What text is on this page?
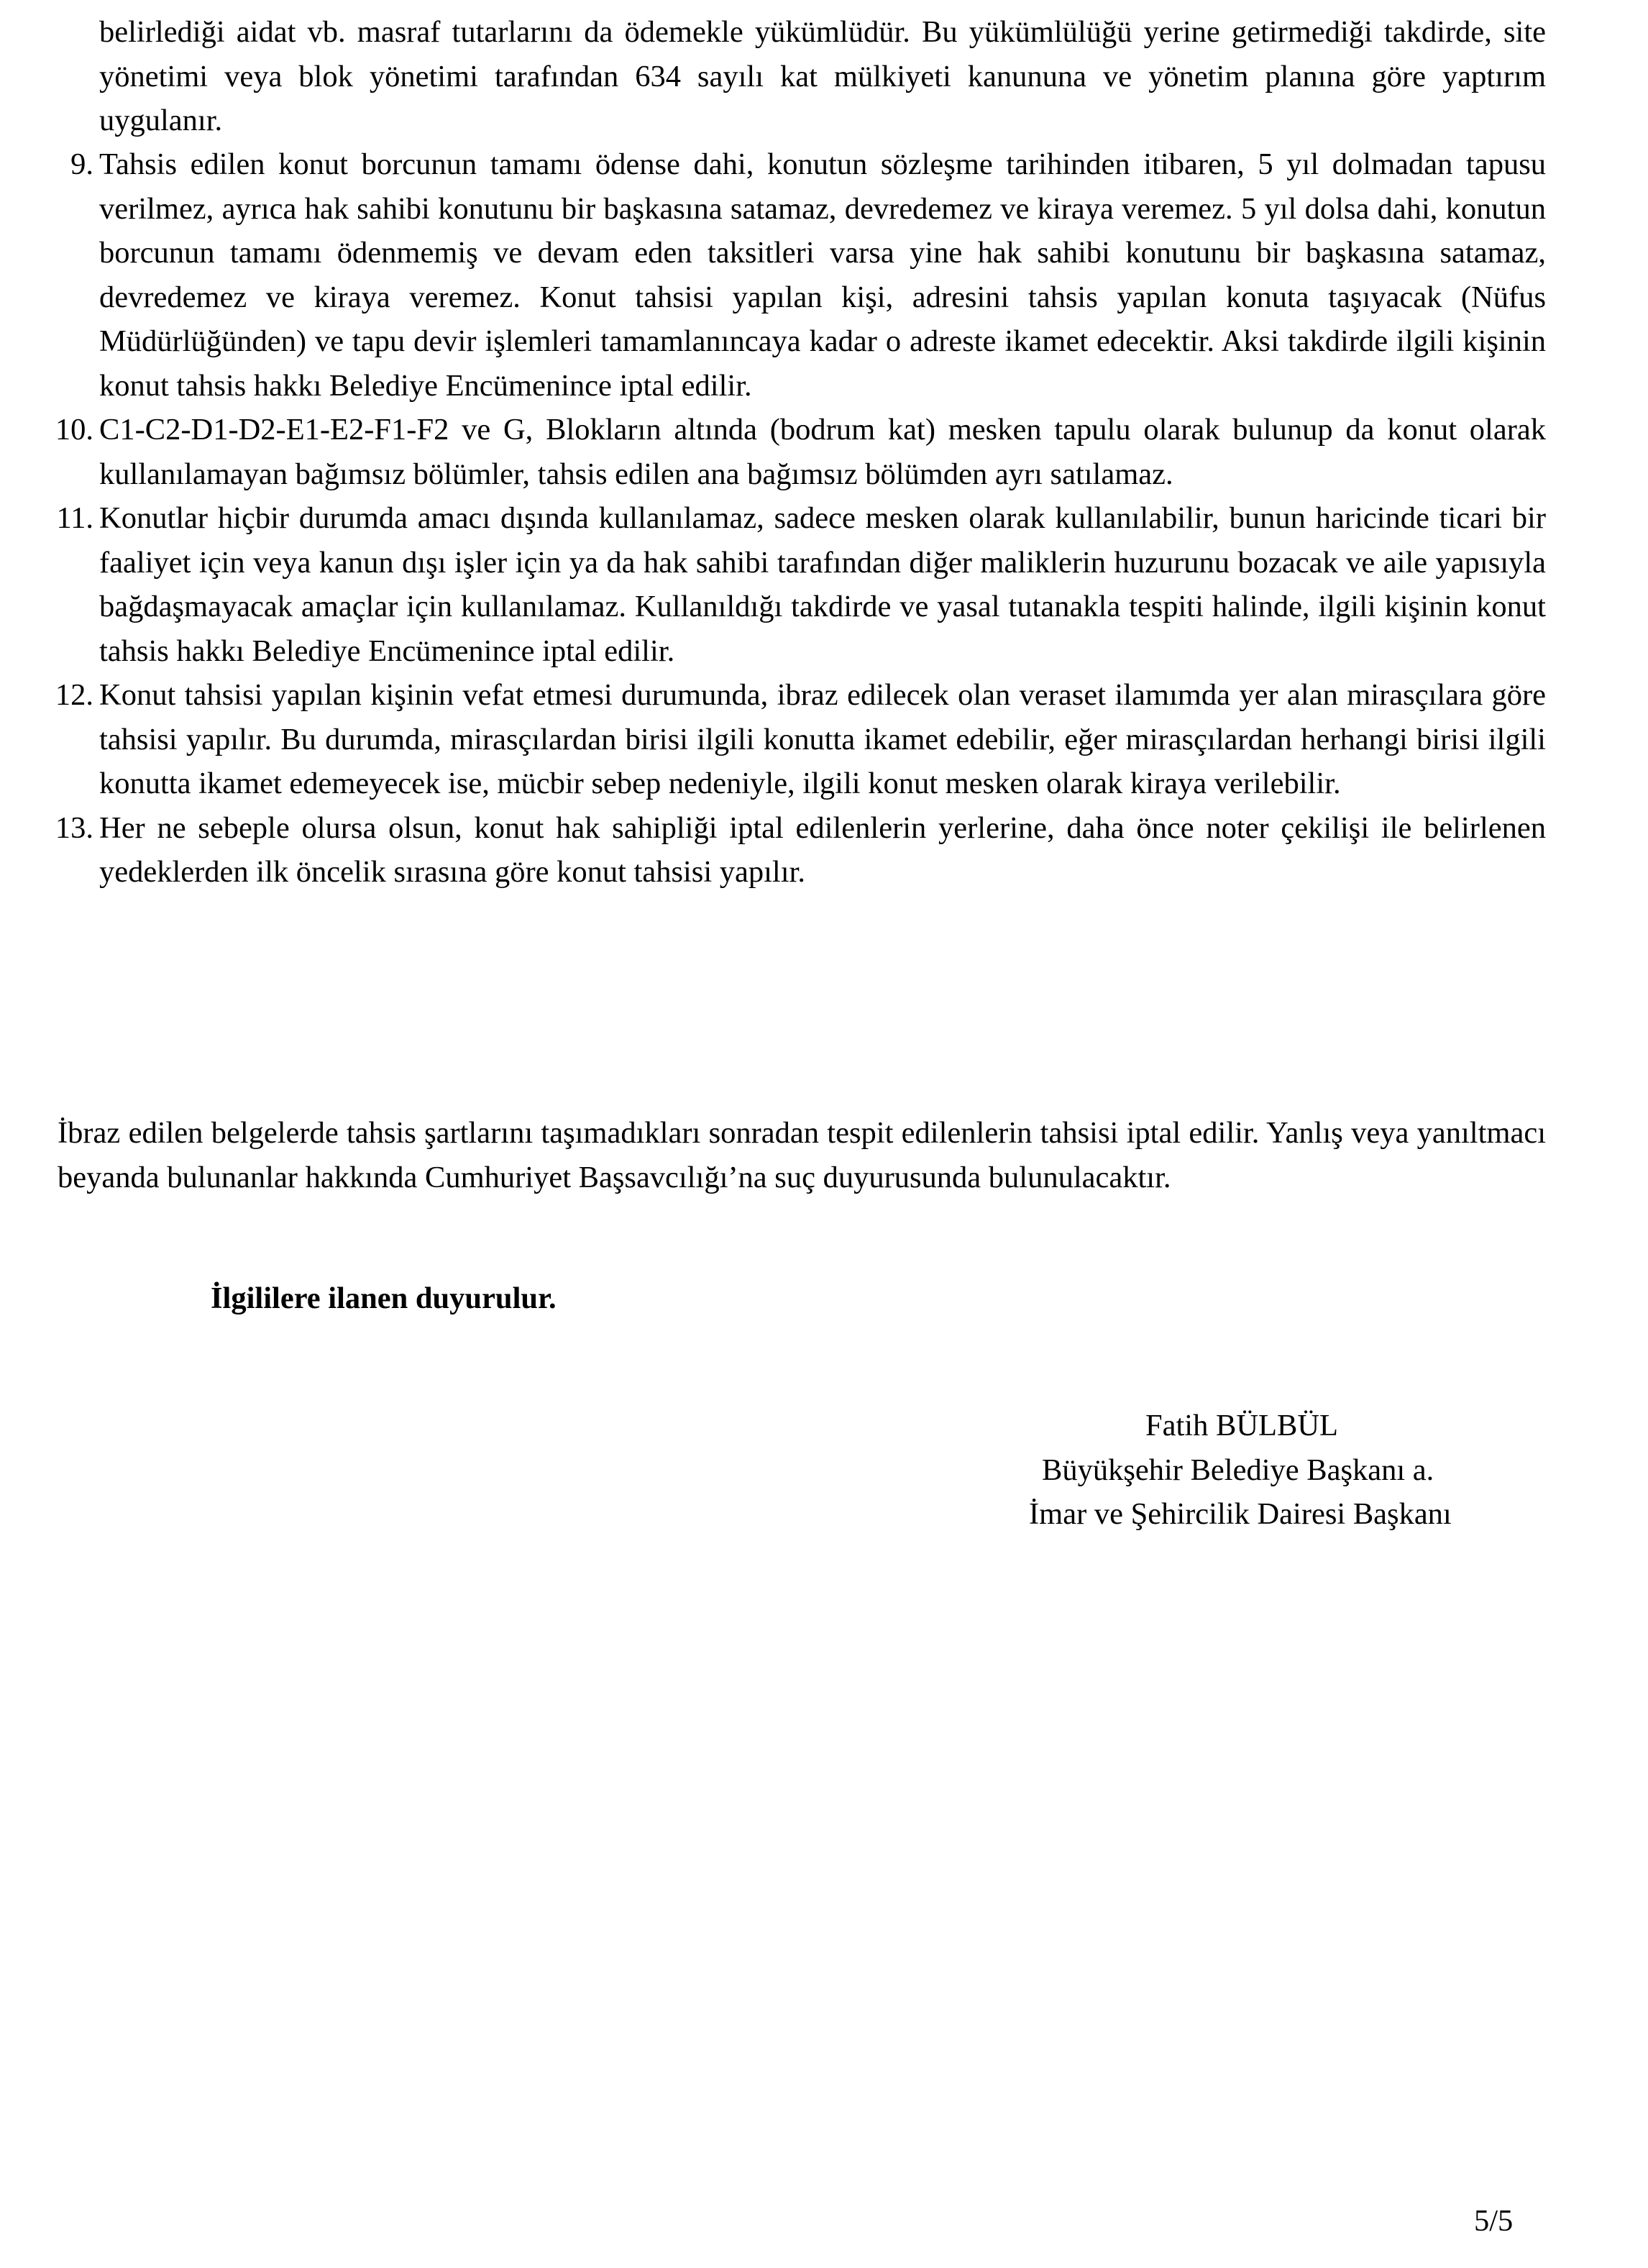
belirlediği aidat vb. masraf tutarlarını da ödemekle yükümlüdür. Bu yükümlülüğü yerine getirmediği takdirde, site yönetimi veya blok yönetimi tarafından 634 sayılı kat mülkiyeti kanununa ve yönetim planına göre yaptırım uygulanır.

9. Tahsis edilen konut borcunun tamamı ödense dahi, konutun sözleşme tarihinden itibaren, 5 yıl dolmadan tapusu verilmez, ayrıca hak sahibi konutunu bir başkasına satamaz, devredemez ve kiraya veremez. 5 yıl dolsa dahi, konutun borcunun tamamı ödenmemiş ve devam eden taksitleri varsa yine hak sahibi konutunu bir başkasına satamaz, devredemez ve kiraya veremez. Konut tahsisi yapılan kişi, adresini tahsis yapılan konuta taşıyacak (Nüfus Müdürlüğünden) ve tapu devir işlemleri tamamlanıncaya kadar o adreste ikamet edecektir. Aksi takdirde ilgili kişinin konut tahsis hakkı Belediye Encümenince iptal edilir.
10. C1-C2-D1-D2-E1-E2-F1-F2 ve G, Blokların altında (bodrum kat) mesken tapulu olarak bulunup da konut olarak kullanılamayan bağımsız bölümler, tahsis edilen ana bağımsız bölümden ayrı satılamaz.
11. Konutlar hiçbir durumda amacı dışında kullanılamaz, sadece mesken olarak kullanılabilir, bunun haricinde ticari bir faaliyet için veya kanun dışı işler için ya da hak sahibi tarafından diğer maliklerin huzurunu bozacak ve aile yapısıyla bağdaşmayacak amaçlar için kullanılamaz. Kullanıldığı takdirde ve yasal tutanakla tespiti halinde, ilgili kişinin konut tahsis hakkı Belediye Encümenince iptal edilir.
12. Konut tahsisi yapılan kişinin vefat etmesi durumunda, ibraz edilecek olan veraset ilamımda yer alan mirasçılara göre tahsisi yapılır. Bu durumda, mirasçılardan birisi ilgili konutta ikamet edebilir, eğer mirasçılardan herhangi birisi ilgili konutta ikamet edemeyecek ise, mücbir sebep nedeniyle, ilgili konut mesken olarak kiraya verilebilir.
13. Her ne sebeple olursa olsun, konut hak sahipliği iptal edilenlerin yerlerine, daha önce noter çekilişi ile belirlenen yedeklerden ilk öncelik sırasına göre konut tahsisi yapılır.

İbraz edilen belgelerde tahsis şartlarını taşımadıkları sonradan tespit edilenlerin tahsisi iptal edilir. Yanlış veya yanıltmacı beyanda bulunanlar hakkında Cumhuriyet Başsavcılığı’na suç duyurusunda bulunulacaktır.

İlgililere ilanen duyurulur.
Fatih BÜLBÜL
Büyükşehir Belediye Başkanı a.
İmar ve Şehircilik Dairesi Başkanı
5/5
